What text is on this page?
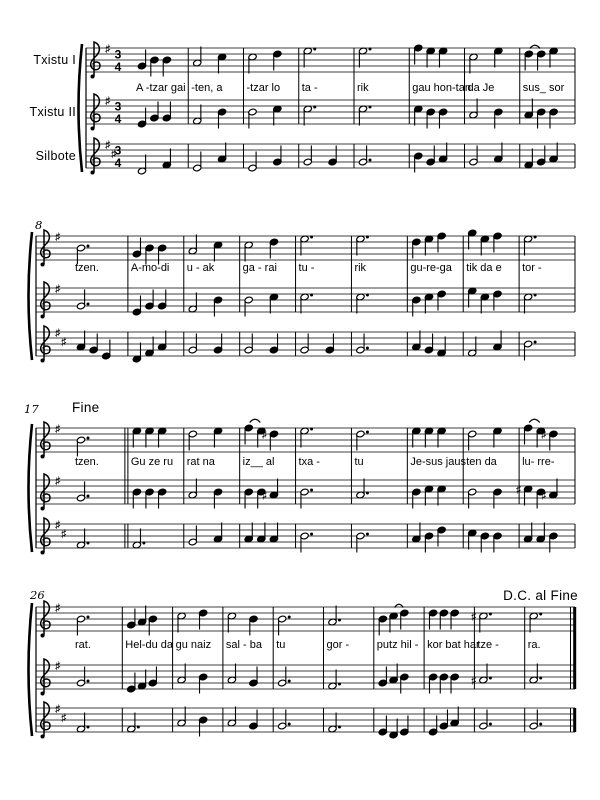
♯ 3
4
♯ 3
4
♯
♯
3
4
A -tzar gai -ten, a -tzar lo ta -	rik	gau hon-tan
da Je	sus_ sor
♯
♯
♯
♯
tzen.	A-mo-di u - ak	ga - rai tu -	rik	gu-re-ga tik da e tor -
♯
♯
♯
♯
tzen.	Gu ze ru rat na
♯
♯
iz__ al txa -	tu	Je-sus jaus ten da
♯
♯
♯
lu- rre-
♯
♯
♯
♯
rat.	Hel-du da gu naiz sal - ba tu	gor -	putz hil - kor bat har
♯
♯
tze -	ra.
Txistu I
Txistu II
Silbote
8
17
26
Fine
D.C. al Fine
